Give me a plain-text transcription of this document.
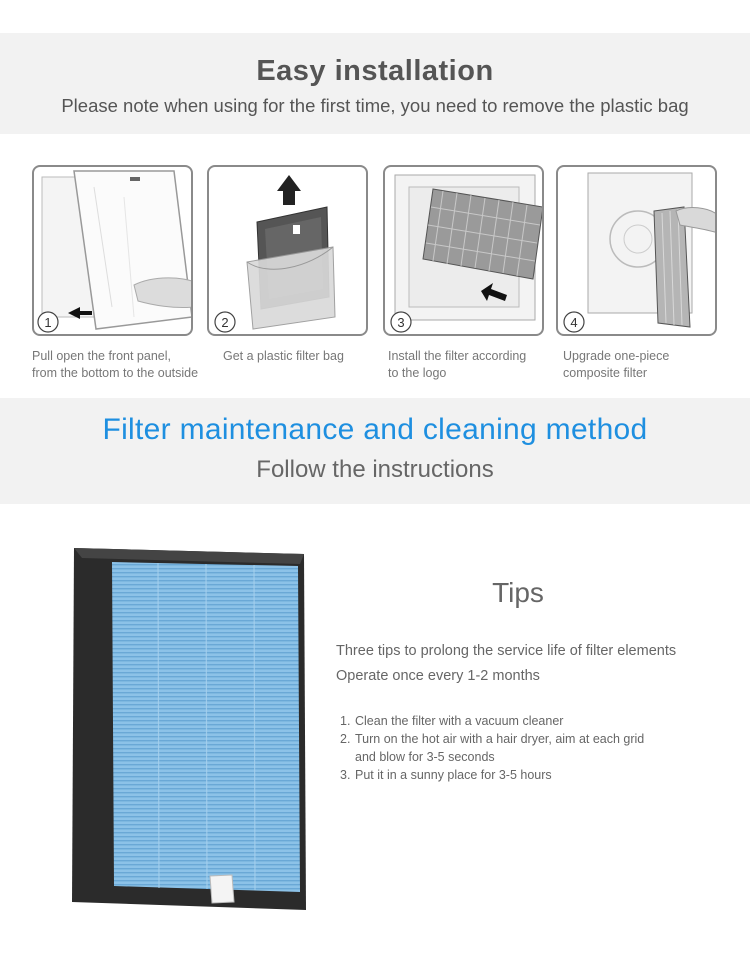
Easy installation
Please note when using for the first time, you need to remove the plastic bag
1	2	3	4
Pull open the front panel,
from the bottom to the outside
Get a plastic filter bag	Install the filter according
to the logo
Upgrade one-piece
composite filter
Filter maintenance and cleaning method
Follow the instructions
Tips
Three tips to prolong the service life of filter elements
Operate once every 1-2 months
1. Clean the filter with a vacuum cleaner
2. Turn on the hot air with a hair dryer, aim at each grid
and blow for 3-5 seconds
3. Put it in a sunny place for 3-5 hours
